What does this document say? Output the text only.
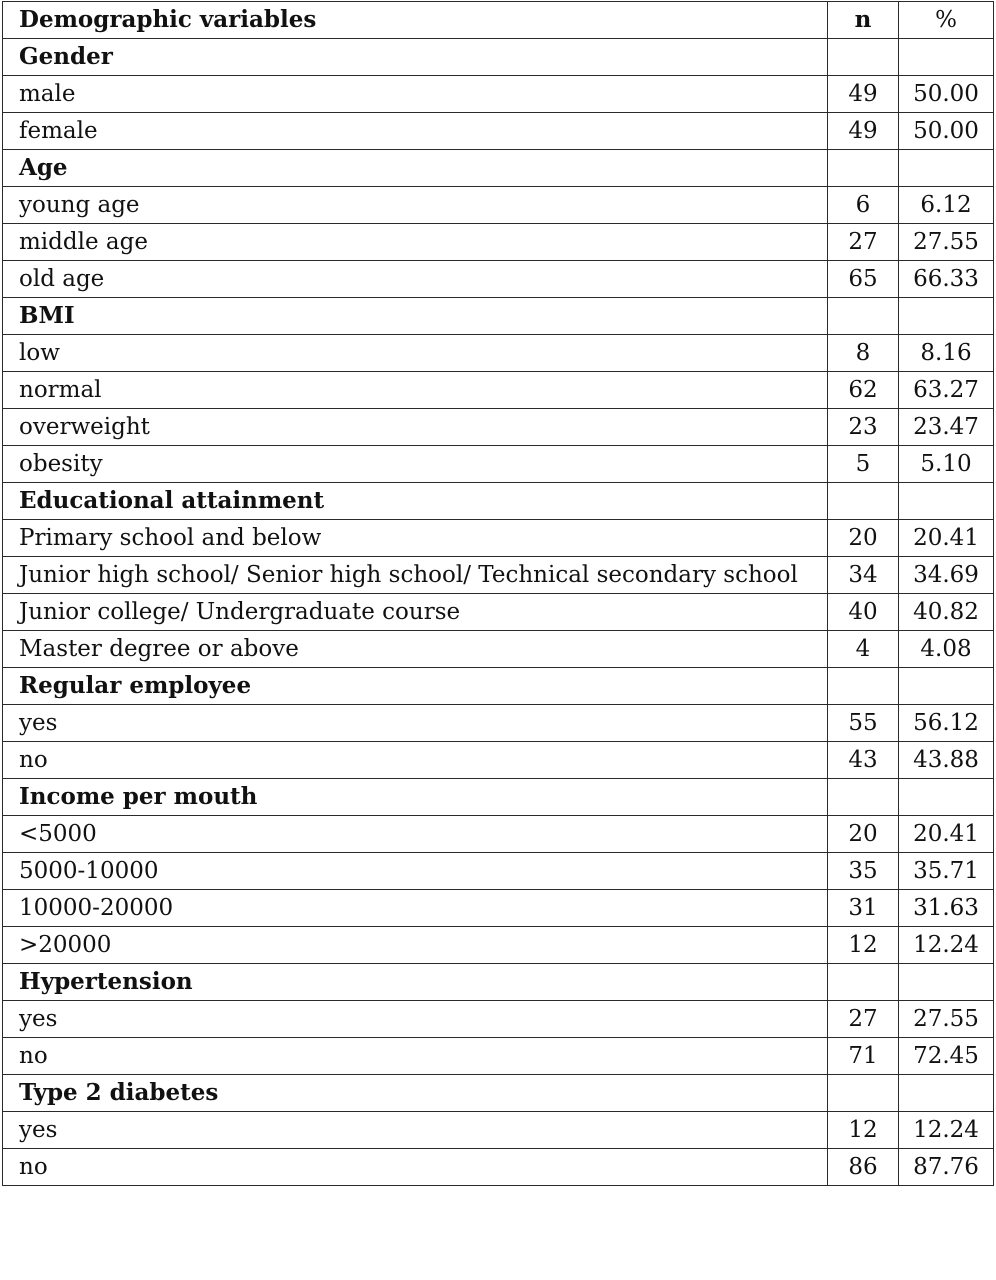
Demographic variables	n	%
Gender		
male	49	50.00
female	49	50.00
Age		
young age	6	6.12
middle age	27	27.55
old age	65	66.33
BMI		
low	8	8.16
normal	62	63.27
overweight	23	23.47
obesity	5	5.10
Educational attainment		
Primary school and below	20	20.41
Junior high school/ Senior high school/ Technical secondary school	34	34.69
Junior college/ Undergraduate course	40	40.82
Master degree or above	4	4.08
Regular employee		
yes	55	56.12
no	43	43.88
Income per mouth		
<5000	20	20.41
5000-10000	35	35.71
10000-20000	31	31.63
>20000	12	12.24
Hypertension		
yes	27	27.55
no	71	72.45
Type 2 diabetes		
yes	12	12.24
no	86	87.76
